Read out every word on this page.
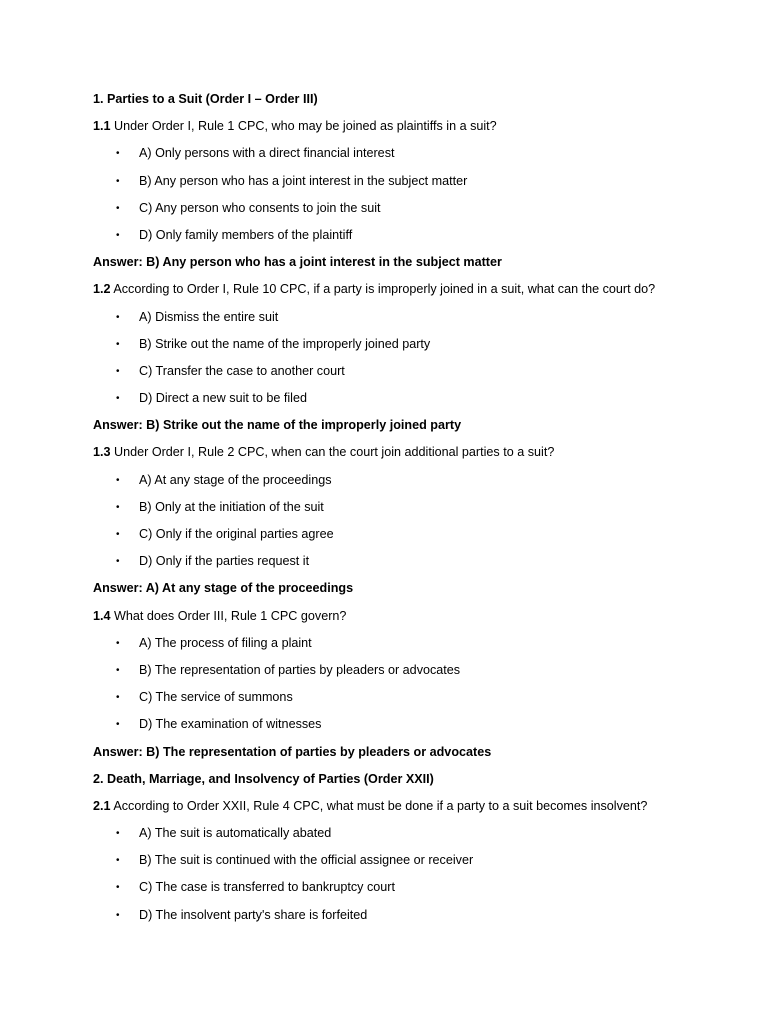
1. Parties to a Suit (Order I – Order III)
1.1 Under Order I, Rule 1 CPC, who may be joined as plaintiffs in a suit?
• A) Only persons with a direct financial interest
• B) Any person who has a joint interest in the subject matter
• C) Any person who consents to join the suit
• D) Only family members of the plaintiff
Answer: B) Any person who has a joint interest in the subject matter
1.2 According to Order I, Rule 10 CPC, if a party is improperly joined in a suit, what can the court do?
• A) Dismiss the entire suit
• B) Strike out the name of the improperly joined party
• C) Transfer the case to another court
• D) Direct a new suit to be filed
Answer: B) Strike out the name of the improperly joined party
1.3 Under Order I, Rule 2 CPC, when can the court join additional parties to a suit?
• A) At any stage of the proceedings
• B) Only at the initiation of the suit
• C) Only if the original parties agree
• D) Only if the parties request it
Answer: A) At any stage of the proceedings
1.4 What does Order III, Rule 1 CPC govern?
• A) The process of filing a plaint
• B) The representation of parties by pleaders or advocates
• C) The service of summons
• D) The examination of witnesses
Answer: B) The representation of parties by pleaders or advocates
2. Death, Marriage, and Insolvency of Parties (Order XXII)
2.1 According to Order XXII, Rule 4 CPC, what must be done if a party to a suit becomes insolvent?
• A) The suit is automatically abated
• B) The suit is continued with the official assignee or receiver
• C) The case is transferred to bankruptcy court
• D) The insolvent party's share is forfeited
